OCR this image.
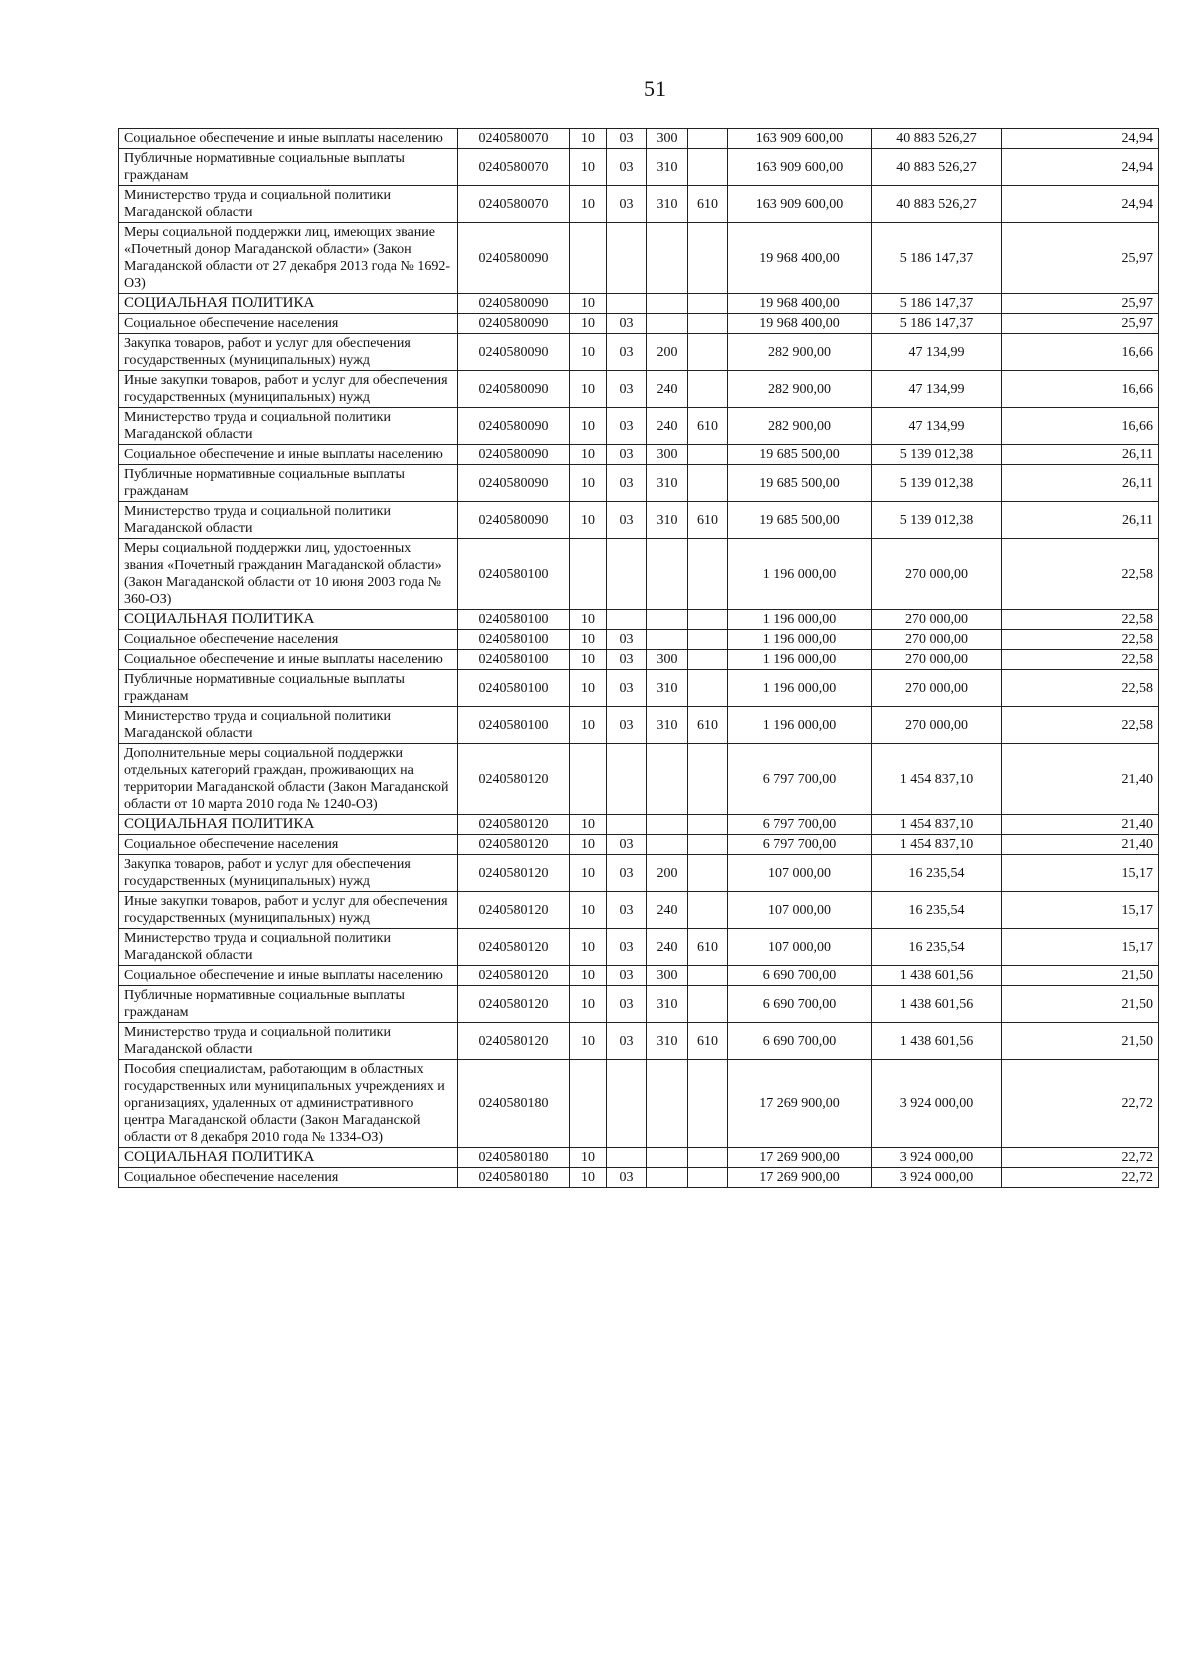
51
Социальное обеспечение и иные выплаты населению	0240580070	10	03	300		163 909 600,00	40 883 526,27	24,94
Публичные нормативные социальные выплаты гражданам	0240580070	10	03	310		163 909 600,00	40 883 526,27	24,94
Министерство труда и социальной политики Магаданской области	0240580070	10	03	310	610	163 909 600,00	40 883 526,27	24,94
Меры социальной поддержки лиц, имеющих звание «Почетный донор Магаданской области» (Закон Магаданской области от 27 декабря 2013 года № 1692-ОЗ)	0240580090					19 968 400,00	5 186 147,37	25,97
СОЦИАЛЬНАЯ ПОЛИТИКА	0240580090	10				19 968 400,00	5 186 147,37	25,97
Социальное обеспечение населения	0240580090	10	03			19 968 400,00	5 186 147,37	25,97
Закупка товаров, работ и услуг для обеспечения государственных (муниципальных) нужд	0240580090	10	03	200		282 900,00	47 134,99	16,66
Иные закупки товаров, работ и услуг для обеспечения государственных (муниципальных) нужд	0240580090	10	03	240		282 900,00	47 134,99	16,66
Министерство труда и социальной политики Магаданской области	0240580090	10	03	240	610	282 900,00	47 134,99	16,66
Социальное обеспечение и иные выплаты населению	0240580090	10	03	300		19 685 500,00	5 139 012,38	26,11
Публичные нормативные социальные выплаты гражданам	0240580090	10	03	310		19 685 500,00	5 139 012,38	26,11
Министерство труда и социальной политики Магаданской области	0240580090	10	03	310	610	19 685 500,00	5 139 012,38	26,11
Меры социальной поддержки лиц, удостоенных звания «Почетный гражданин Магаданской области» (Закон Магаданской области от 10 июня 2003 года № 360-ОЗ)	0240580100					1 196 000,00	270 000,00	22,58
СОЦИАЛЬНАЯ ПОЛИТИКА	0240580100	10				1 196 000,00	270 000,00	22,58
Социальное обеспечение населения	0240580100	10	03			1 196 000,00	270 000,00	22,58
Социальное обеспечение и иные выплаты населению	0240580100	10	03	300		1 196 000,00	270 000,00	22,58
Публичные нормативные социальные выплаты гражданам	0240580100	10	03	310		1 196 000,00	270 000,00	22,58
Министерство труда и социальной политики Магаданской области	0240580100	10	03	310	610	1 196 000,00	270 000,00	22,58
Дополнительные меры социальной поддержки отдельных категорий граждан, проживающих на территории Магаданской области (Закон Магаданской области от 10 марта 2010 года № 1240-ОЗ)	0240580120					6 797 700,00	1 454 837,10	21,40
СОЦИАЛЬНАЯ ПОЛИТИКА	0240580120	10				6 797 700,00	1 454 837,10	21,40
Социальное обеспечение населения	0240580120	10	03			6 797 700,00	1 454 837,10	21,40
Закупка товаров, работ и услуг для обеспечения государственных (муниципальных) нужд	0240580120	10	03	200		107 000,00	16 235,54	15,17
Иные закупки товаров, работ и услуг для обеспечения государственных (муниципальных) нужд	0240580120	10	03	240		107 000,00	16 235,54	15,17
Министерство труда и социальной политики Магаданской области	0240580120	10	03	240	610	107 000,00	16 235,54	15,17
Социальное обеспечение и иные выплаты населению	0240580120	10	03	300		6 690 700,00	1 438 601,56	21,50
Публичные нормативные социальные выплаты гражданам	0240580120	10	03	310		6 690 700,00	1 438 601,56	21,50
Министерство труда и социальной политики Магаданской области	0240580120	10	03	310	610	6 690 700,00	1 438 601,56	21,50
Пособия специалистам, работающим в областных государственных или муниципальных учреждениях и организациях, удаленных от административного центра Магаданской области (Закон Магаданской области от 8 декабря 2010 года № 1334-ОЗ)	0240580180					17 269 900,00	3 924 000,00	22,72
СОЦИАЛЬНАЯ ПОЛИТИКА	0240580180	10				17 269 900,00	3 924 000,00	22,72
Социальное обеспечение населения	0240580180	10	03			17 269 900,00	3 924 000,00	22,72
